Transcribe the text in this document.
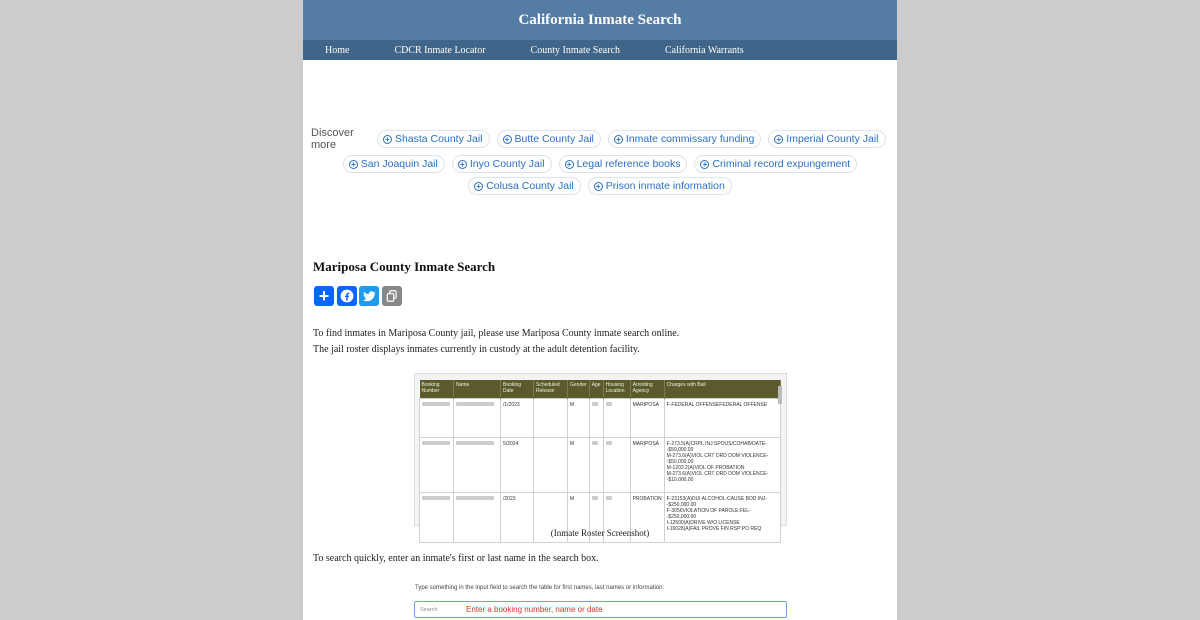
California Inmate Search
Home	CDCR Inmate Locator	County Inmate Search	California Warrants
Discover more	+ Shasta County Jail	+ Butte County Jail	+ Inmate commissary funding	+ Imperial County Jail
+ San Joaquin Jail	+ Inyo County Jail	+ Legal reference books	+ Criminal record expungement
+ Colusa County Jail	+ Prison inmate information
Mariposa County Inmate Search
+

To find inmates in Mariposa County jail, please use Mariposa County inmate search online.

The jail roster displays inmates currently in custody at the adult detention facility.

Booking Number	Name	Booking Date	Scheduled Release	Gender	Age	Housing Location	Arresting Agency	Charges with Bail
		/1/2023		M			MARIPOSA	F-FEDERAL OFFENSEFEDERAL OFFENSE

		5/2024		M			MARIPOSA	F-273.5(A)CRPL INJ:SPOUS/COHAB/DATE--$50,000.00
M-273.6(A)VIOL CRT ORD DOM VIOLENCE--$50,000.00
M-1203.2(A)VIOL OF PROBATION
M-273.6(A)VIOL CRT ORD DOM VIOLENCE--$10,000.00

		/2023		M			PROBATION	F-23153(A)DUI ALCOHOL:CAUSE BOD INJ--$250,000.00
F-3056VIOLATION OF PAROLE:FEL--$250,000.00
I-12500(A)DRIVE W/O LICENSE
I-16028(A)FAIL PROVE FIN RSP:PO REQ

(Inmate Roster Screenshot)

To search quickly, enter an inmate's first or last name in the search box.

Type something in the input field to search the table for first names, last names or information:

Search
Enter a booking number, name or date
